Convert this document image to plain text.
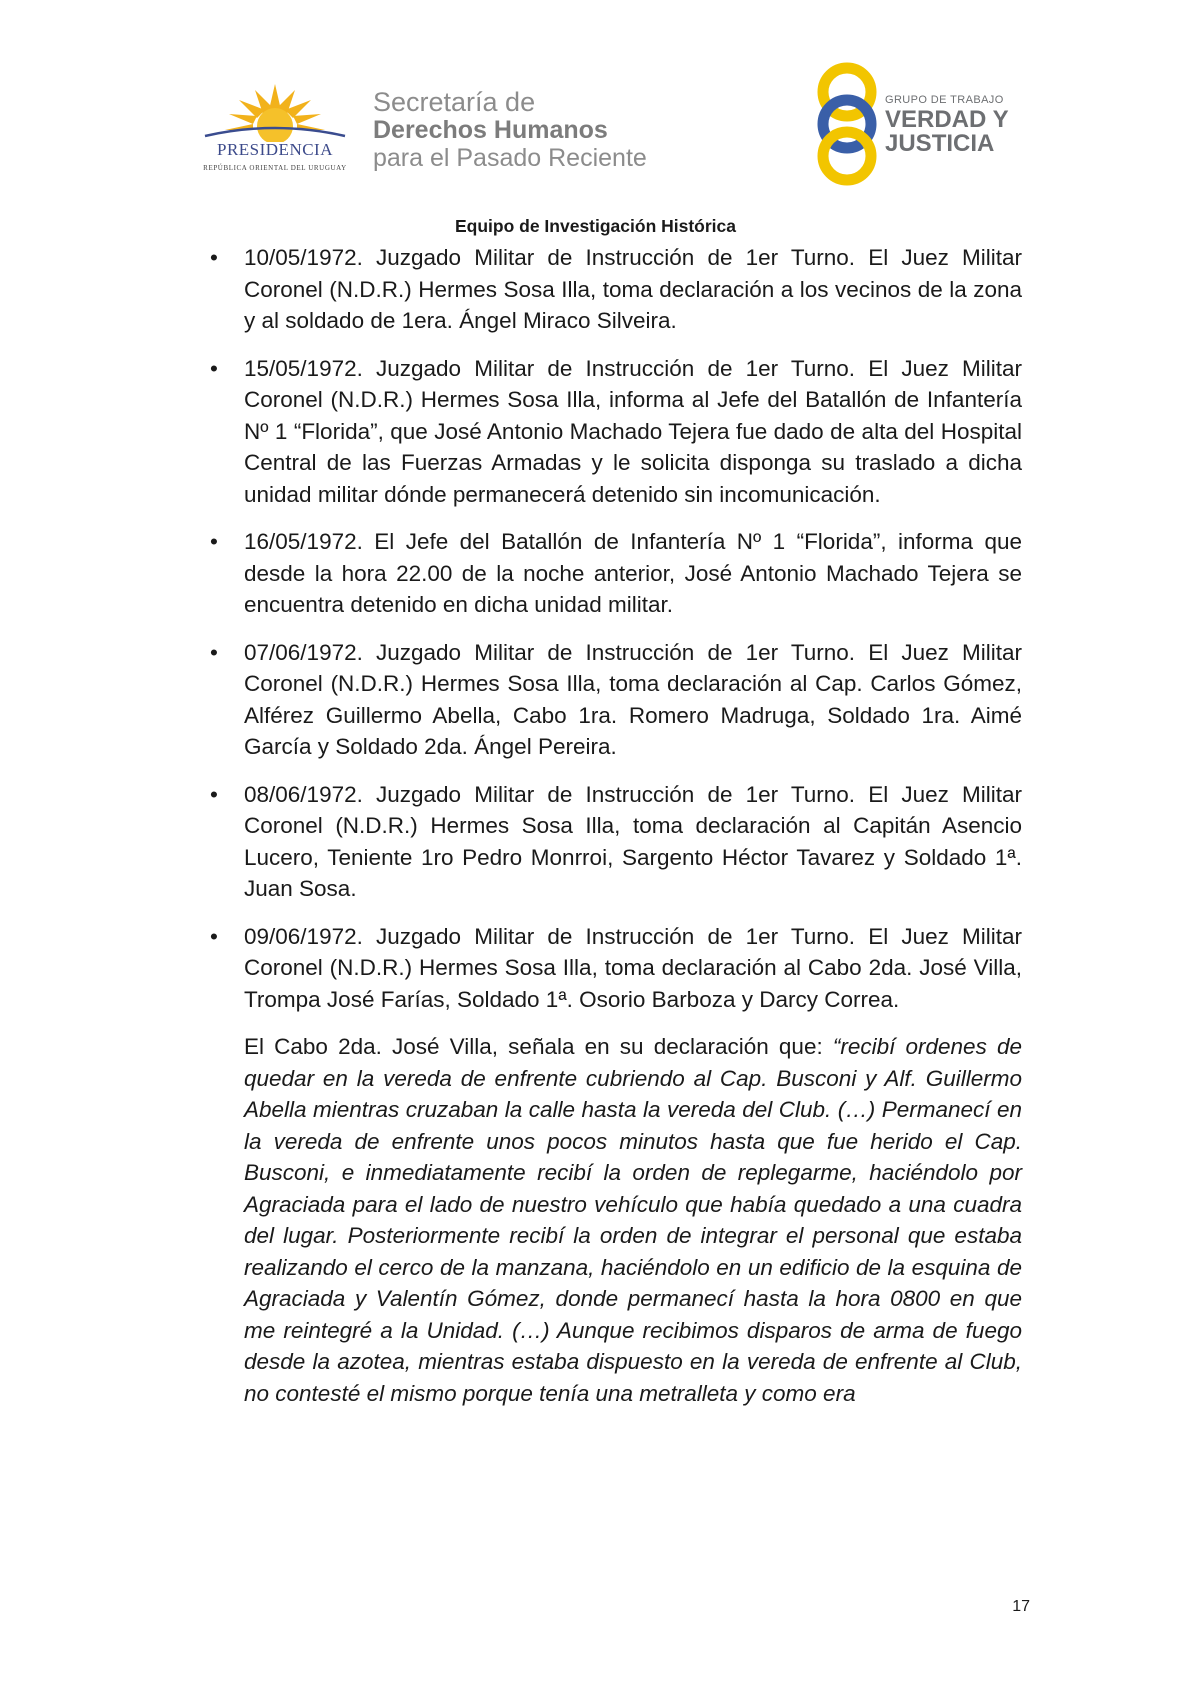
PRESIDENCIA
REPÚBLICA ORIENTAL DEL URUGUAY
Secretaría de
Derechos Humanos
para el Pasado Reciente
GRUPO DE TRABAJO
VERDAD Y
JUSTICIA
Equipo de Investigación Histórica
• 10/05/1972. Juzgado Militar de Instrucción de 1er Turno. El Juez Militar Coronel (N.D.R.) Hermes Sosa Illa, toma declaración a los vecinos de la zona y al soldado de 1era. Ángel Miraco Silveira.
• 15/05/1972. Juzgado Militar de Instrucción de 1er Turno. El Juez Militar Coronel (N.D.R.) Hermes Sosa Illa, informa al Jefe del Batallón de Infantería Nº 1 “Florida”, que José Antonio Machado Tejera fue dado de alta del Hospital Central de las Fuerzas Armadas y le solicita disponga su traslado a dicha unidad militar dónde permanecerá detenido sin incomunicación.
• 16/05/1972. El Jefe del Batallón de Infantería Nº 1 “Florida”, informa que desde la hora 22.00 de la noche anterior, José Antonio Machado Tejera se encuentra detenido en dicha unidad militar.
• 07/06/1972. Juzgado Militar de Instrucción de 1er Turno. El Juez Militar Coronel (N.D.R.) Hermes Sosa Illa, toma declaración al Cap. Carlos Gómez, Alférez Guillermo Abella, Cabo 1ra. Romero Madruga, Soldado 1ra. Aimé García y Soldado 2da. Ángel Pereira.
• 08/06/1972. Juzgado Militar de Instrucción de 1er Turno. El Juez Militar Coronel (N.D.R.) Hermes Sosa Illa, toma declaración al Capitán Asencio Lucero, Teniente 1ro Pedro Monrroi, Sargento Héctor Tavarez y Soldado 1ª. Juan Sosa.
• 09/06/1972. Juzgado Militar de Instrucción de 1er Turno. El Juez Militar Coronel (N.D.R.) Hermes Sosa Illa, toma declaración al Cabo 2da. José Villa, Trompa José Farías, Soldado 1ª. Osorio Barboza y Darcy Correa.
El Cabo 2da. José Villa, señala en su declaración que: “recibí ordenes de quedar en la vereda de enfrente cubriendo al Cap. Busconi y Alf. Guillermo Abella mientras cruzaban la calle hasta la vereda del Club. (…) Permanecí en la vereda de enfrente unos pocos minutos hasta que fue herido el Cap. Busconi, e inmediatamente recibí la orden de replegarme, haciéndolo por Agraciada para el lado de nuestro vehículo que había quedado a una cuadra del lugar. Posteriormente recibí la orden de integrar el personal que estaba realizando el cerco de la manzana, haciéndolo en un edificio de la esquina de Agraciada y Valentín Gómez, donde permanecí hasta la hora 0800 en que me reintegré a la Unidad. (…) Aunque recibimos disparos de arma de fuego desde la azotea, mientras estaba dispuesto en la vereda de enfrente al Club, no contesté el mismo porque tenía una metralleta y como era
17
